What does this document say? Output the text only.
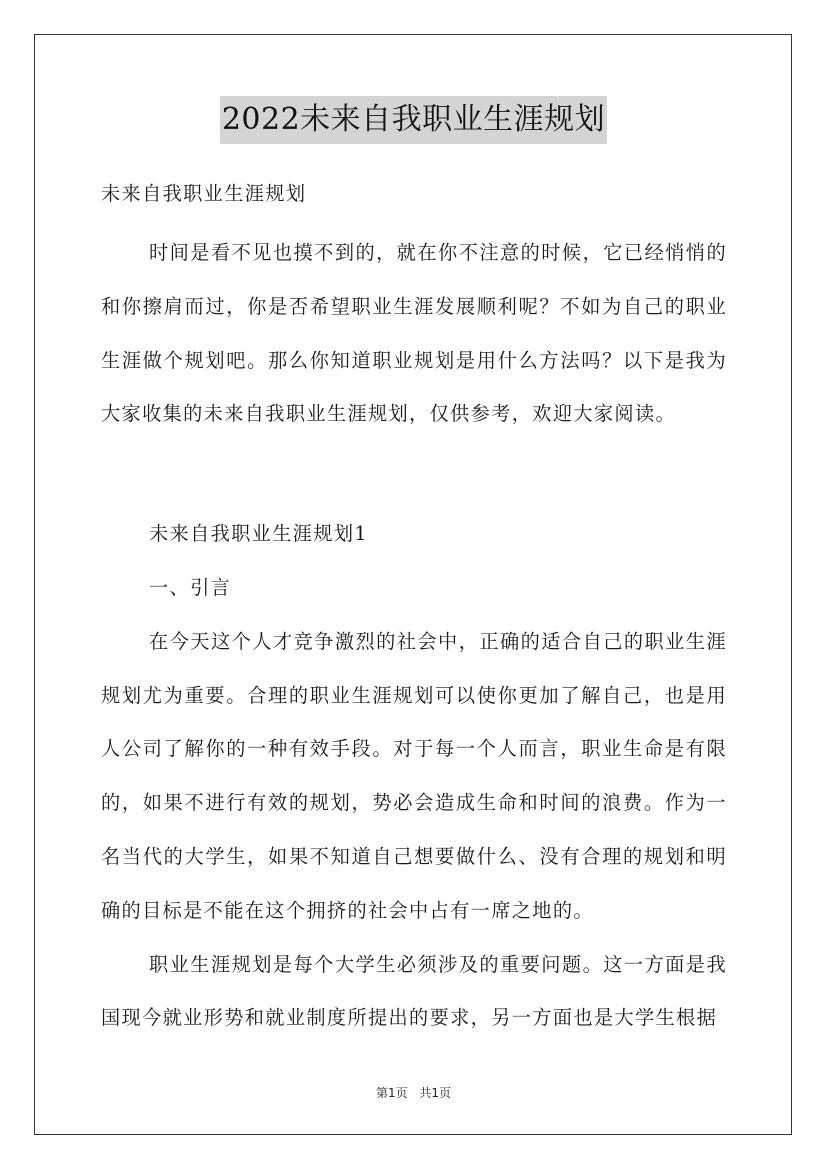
2022未来自我职业生涯规划

未来自我职业生涯规划

时间是看不见也摸不到的，就在你不注意的时候，它已经悄悄的和你擦肩而过，你是否希望职业生涯发展顺利呢？不如为自己的职业生涯做个规划吧。那么你知道职业规划是用什么方法吗？以下是我为大家收集的未来自我职业生涯规划，仅供参考，欢迎大家阅读。

未来自我职业生涯规划1

一、引言

在今天这个人才竞争激烈的社会中，正确的适合自己的职业生涯规划尤为重要。合理的职业生涯规划可以使你更加了解自己，也是用人公司了解你的一种有效手段。对于每一个人而言，职业生命是有限的，如果不进行有效的规划，势必会造成生命和时间的浪费。作为一名当代的大学生，如果不知道自己想要做什么、没有合理的规划和明确的目标是不能在这个拥挤的社会中占有一席之地的。

职业生涯规划是每个大学生必须涉及的重要问题。这一方面是我国现今就业形势和就业制度所提出的要求，另一方面也是大学生根据

第1页 共1页
